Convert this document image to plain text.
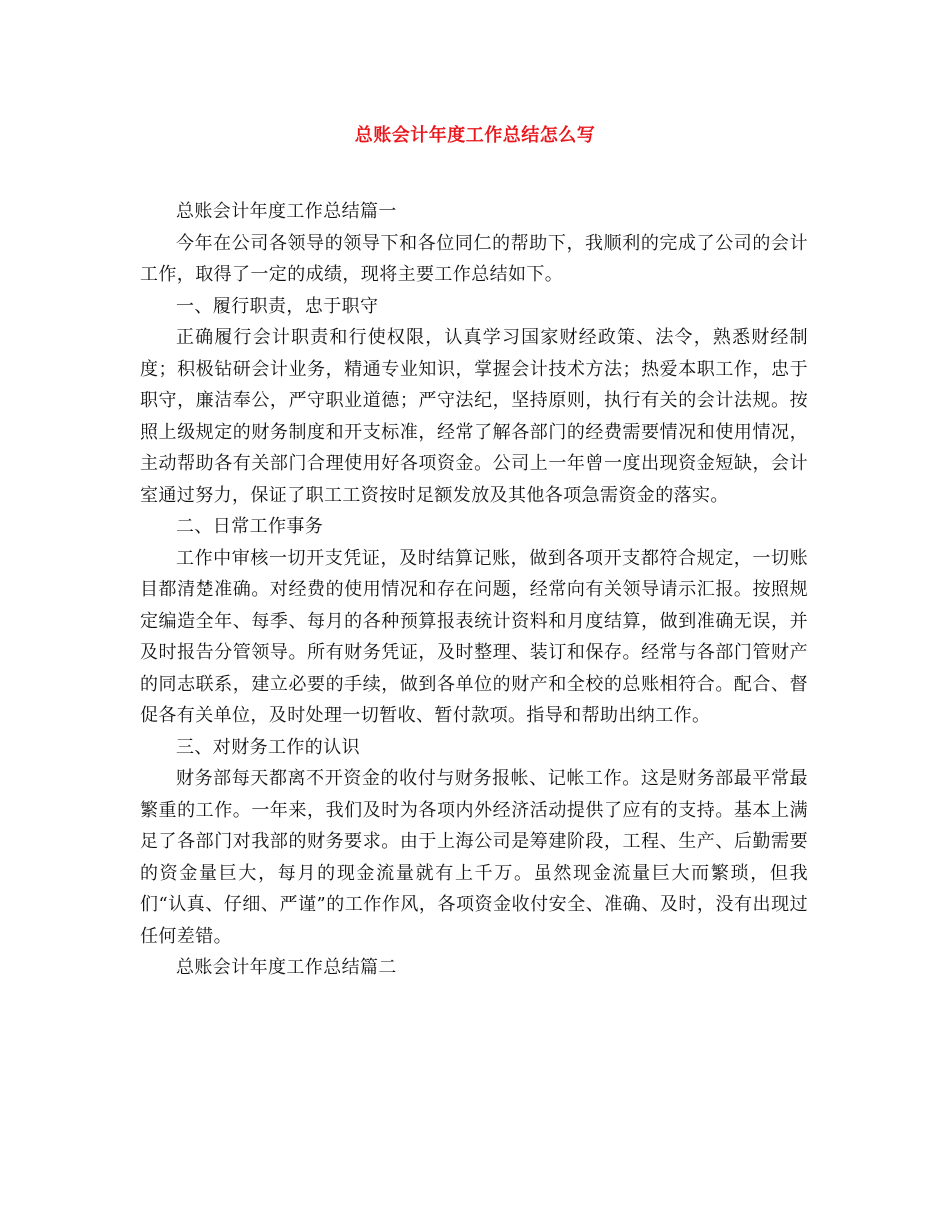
总账会计年度工作总结怎么写

总账会计年度工作总结篇一

今年在公司各领导的领导下和各位同仁的帮助下，我顺利的完成了公司的会计工作，取得了一定的成绩，现将主要工作总结如下。

一、履行职责，忠于职守

正确履行会计职责和行使权限，认真学习国家财经政策、法令，熟悉财经制度；积极钻研会计业务，精通专业知识，掌握会计技术方法；热爱本职工作，忠于职守，廉洁奉公，严守职业道德；严守法纪，坚持原则，执行有关的会计法规。按照上级规定的财务制度和开支标准，经常了解各部门的经费需要情况和使用情况，主动帮助各有关部门合理使用好各项资金。公司上一年曾一度出现资金短缺，会计室通过努力，保证了职工工资按时足额发放及其他各项急需资金的落实。

二、日常工作事务

工作中审核一切开支凭证，及时结算记账，做到各项开支都符合规定，一切账目都清楚准确。对经费的使用情况和存在问题，经常向有关领导请示汇报。按照规定编造全年、每季、每月的各种预算报表统计资料和月度结算，做到准确无误，并及时报告分管领导。所有财务凭证，及时整理、装订和保存。经常与各部门管财产的同志联系，建立必要的手续，做到各单位的财产和全校的总账相符合。配合、督促各有关单位，及时处理一切暂收、暂付款项。指导和帮助出纳工作。

三、对财务工作的认识

财务部每天都离不开资金的收付与财务报帐、记帐工作。这是财务部最平常最繁重的工作。一年来，我们及时为各项内外经济活动提供了应有的支持。基本上满足了各部门对我部的财务要求。由于上海公司是筹建阶段，工程、生产、后勤需要的资金量巨大，每月的现金流量就有上千万。虽然现金流量巨大而繁琐，但我们“认真、仔细、严谨”的工作作风，各项资金收付安全、准确、及时，没有出现过任何差错。

总账会计年度工作总结篇二
